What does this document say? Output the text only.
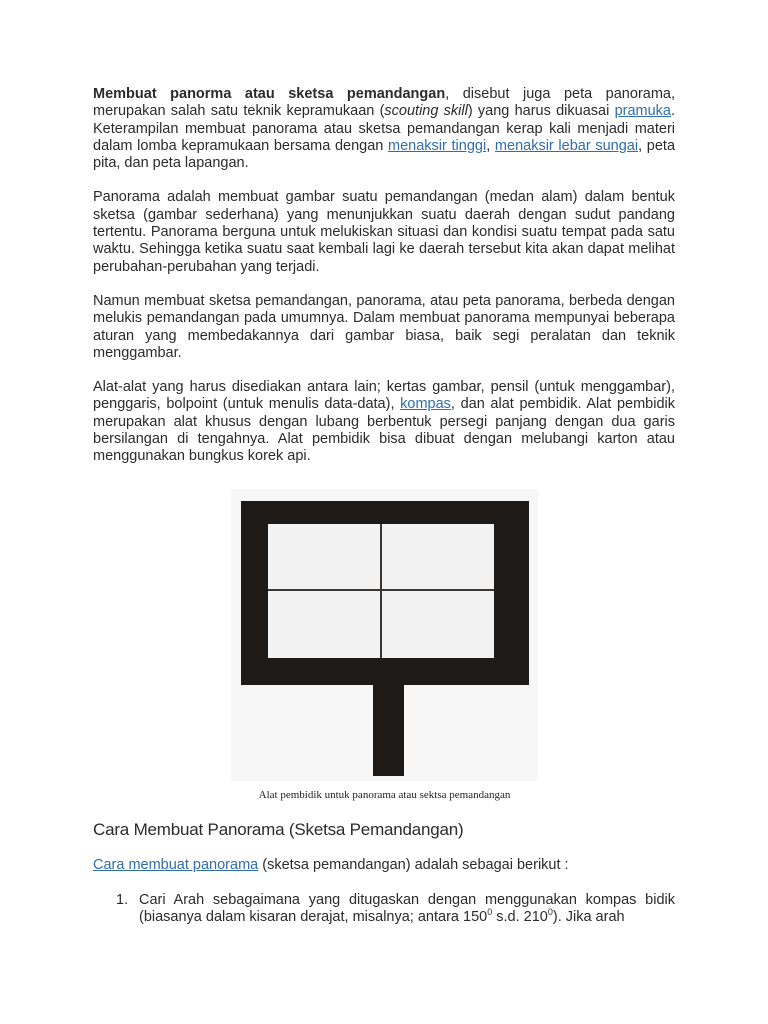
Membuat panorma atau sketsa pemandangan, disebut juga peta panorama, merupakan salah satu teknik kepramukaan (scouting skill) yang harus dikuasai pramuka. Keterampilan membuat panorama atau sketsa pemandangan kerap kali menjadi materi dalam lomba kepramukaan bersama dengan menaksir tinggi, menaksir lebar sungai, peta pita, dan peta lapangan.

Panorama adalah membuat gambar suatu pemandangan (medan alam) dalam bentuk sketsa (gambar sederhana) yang menunjukkan suatu daerah dengan sudut pandang tertentu. Panorama berguna untuk melukiskan situasi dan kondisi suatu tempat pada satu waktu. Sehingga ketika suatu saat kembali lagi ke daerah tersebut kita akan dapat melihat perubahan-perubahan yang terjadi.

Namun membuat sketsa pemandangan, panorama, atau peta panorama, berbeda dengan melukis pemandangan pada umumnya. Dalam membuat panorama mempunyai beberapa aturan yang membedakannya dari gambar biasa, baik segi peralatan dan teknik menggambar.

Alat-alat yang harus disediakan antara lain; kertas gambar, pensil (untuk menggambar), penggaris, bolpoint (untuk menulis data-data), kompas, dan alat pembidik. Alat pembidik merupakan alat khusus dengan lubang berbentuk persegi panjang dengan dua garis bersilangan di tengahnya. Alat pembidik bisa dibuat dengan melubangi karton atau menggunakan bungkus korek api.

Alat pembidik untuk panorama atau sektsa pemandangan
Cara Membuat Panorama (Sketsa Pemandangan)

Cara membuat panorama (sketsa pemandangan) adalah sebagai berikut :

1. Cari Arah sebagaimana yang ditugaskan dengan menggunakan kompas bidik (biasanya dalam kisaran derajat, misalnya; antara $150^0$ s.d. $210^0$). Jika arah
